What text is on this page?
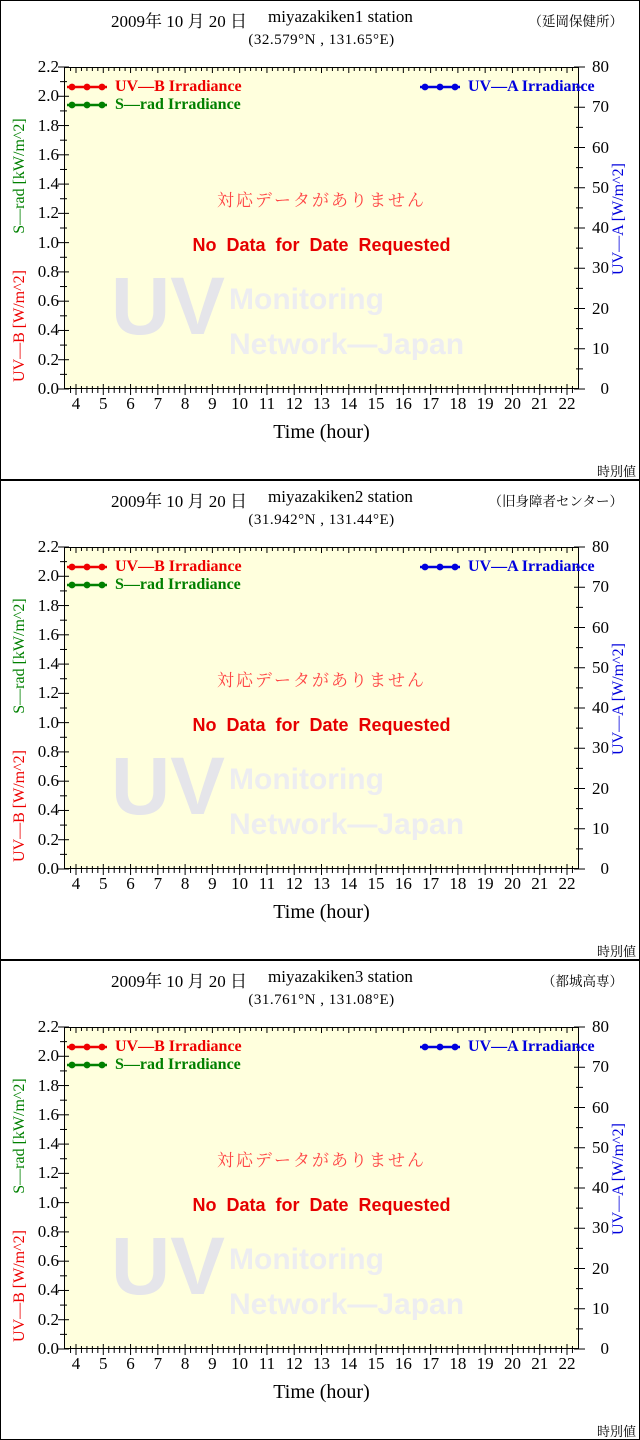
2009年 10 月 20 日 miyazakiken1 station	（延岡保健所）
(32.579°N , 131.65°E)
UV Monitoring
Network—Japan
対応データがありません
No Data for Date Requested
UV—B Irradiance
S—rad Irradiance
UV—A Irradiance
S—rad [kW/m^2]
UV—B [W/m^2]
UV—A [W/m^2]
4	5	6	7	8	9 10 11 12 13 14 15 16 17 18 19 20 21 22
0.0
0.2
0.4
0.6
0.8
1.0
1.2
1.4
1.6
1.8
2.0
2.2
0
10
20
30
40
50
60
70
80
Time (hour)
時別値
2009年 10 月 20 日 miyazakiken2 station	（旧身障者センター）
(31.942°N , 131.44°E)
UV Monitoring
Network—Japan
対応データがありません
No Data for Date Requested
UV—B Irradiance
S—rad Irradiance
UV—A Irradiance
S—rad [kW/m^2]
UV—B [W/m^2]
UV—A [W/m^2]
4	5	6	7	8	9 10 11 12 13 14 15 16 17 18 19 20 21 22
0.0
0.2
0.4
0.6
0.8
1.0
1.2
1.4
1.6
1.8
2.0
2.2
0
10
20
30
40
50
60
70
80
Time (hour)
時別値
2009年 10 月 20 日 miyazakiken3 station	（都城高専）
(31.761°N , 131.08°E)
UV Monitoring
Network—Japan
対応データがありません
No Data for Date Requested
UV—B Irradiance
S—rad Irradiance
UV—A Irradiance
S—rad [kW/m^2]
UV—B [W/m^2]
UV—A [W/m^2]
4	5	6	7	8	9 10 11 12 13 14 15 16 17 18 19 20 21 22
0.0
0.2
0.4
0.6
0.8
1.0
1.2
1.4
1.6
1.8
2.0
2.2
0
10
20
30
40
50
60
70
80
Time (hour)
時別値
